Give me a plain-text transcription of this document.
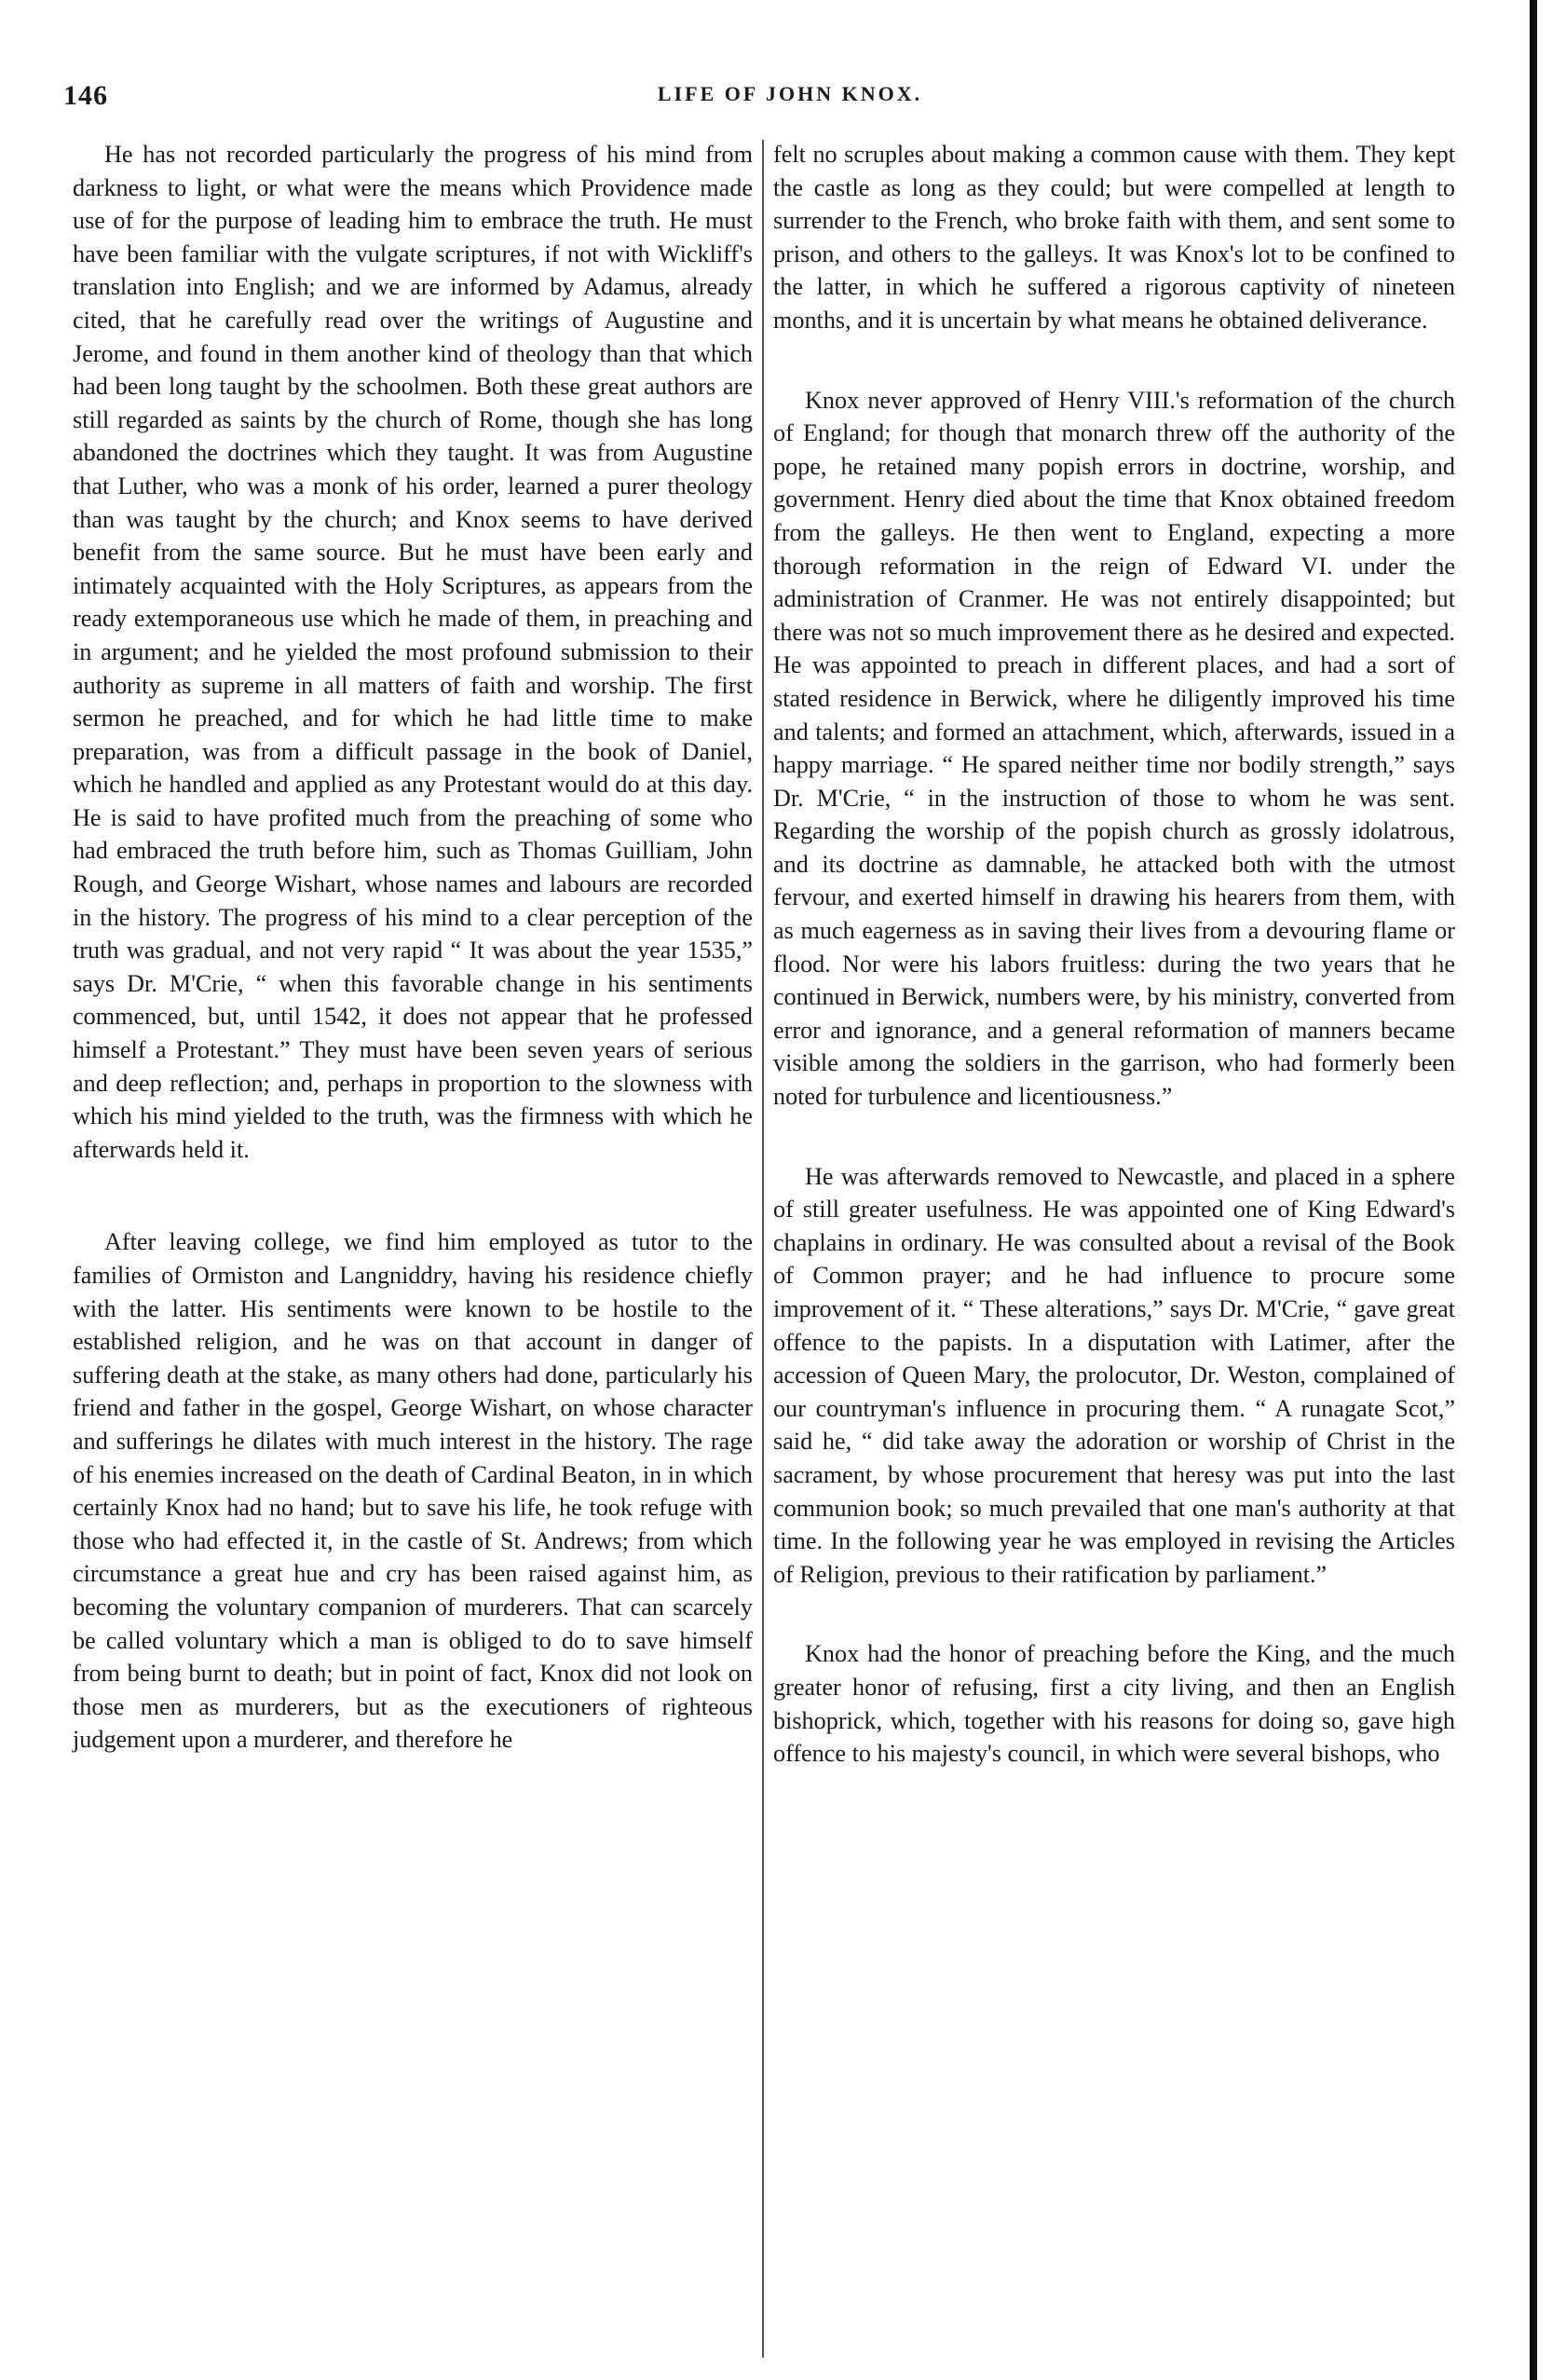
146	LIFE OF JOHN KNOX.

He has not recorded particularly the progress of his mind from darkness to light, or what were the means which Providence made use of for the purpose of leading him to embrace the truth. He must have been familiar with the vulgate scriptures, if not with Wickliff's translation into English; and we are informed by Adamus, already cited, that he carefully read over the writings of Augustine and Jerome, and found in them another kind of theology than that which had been long taught by the schoolmen. Both these great authors are still regarded as saints by the church of Rome, though she has long abandoned the doctrines which they taught. It was from Augustine that Luther, who was a monk of his order, learned a purer theology than was taught by the church; and Knox seems to have derived benefit from the same source. But he must have been early and intimately acquainted with the Holy Scriptures, as appears from the ready extemporaneous use which he made of them, in preaching and in argument; and he yielded the most profound submission to their authority as supreme in all matters of faith and worship. The first sermon he preached, and for which he had little time to make preparation, was from a difficult passage in the book of Daniel, which he handled and applied as any Protestant would do at this day. He is said to have profited much from the preaching of some who had embraced the truth before him, such as Thomas Guilliam, John Rough, and George Wishart, whose names and labours are recorded in the history. The progress of his mind to a clear perception of the truth was gradual, and not very rapid “ It was about the year 1535,” says Dr. M'Crie, “ when this favorable change in his sentiments commenced, but, until 1542, it does not appear that he professed himself a Protestant.” They must have been seven years of serious and deep reflection; and, perhaps in proportion to the slowness with which his mind yielded to the truth, was the firmness with which he afterwards held it.

After leaving college, we find him employed as tutor to the families of Ormiston and Langniddry, having his residence chiefly with the latter. His sentiments were known to be hostile to the established religion, and he was on that account in danger of suffering death at the stake, as many others had done, particularly his friend and father in the gospel, George Wishart, on whose character and sufferings he dilates with much interest in the history. The rage of his enemies increased on the death of Cardinal Beaton, in in which certainly Knox had no hand; but to save his life, he took refuge with those who had effected it, in the castle of St. Andrews; from which circumstance a great hue and cry has been raised against him, as becoming the voluntary companion of murderers. That can scarcely be called voluntary which a man is obliged to do to save himself from being burnt to death; but in point of fact, Knox did not look on those men as murderers, but as the executioners of righteous judgement upon a murderer, and therefore he

felt no scruples about making a common cause with them. They kept the castle as long as they could; but were compelled at length to surrender to the French, who broke faith with them, and sent some to prison, and others to the galleys. It was Knox's lot to be confined to the latter, in which he suffered a rigorous captivity of nineteen months, and it is uncertain by what means he obtained deliverance.

Knox never approved of Henry VIII.'s reformation of the church of England; for though that monarch threw off the authority of the pope, he retained many popish errors in doctrine, worship, and government. Henry died about the time that Knox obtained freedom from the galleys. He then went to England, expecting a more thorough reformation in the reign of Edward VI. under the administration of Cranmer. He was not entirely disappointed; but there was not so much improvement there as he desired and expected. He was appointed to preach in different places, and had a sort of stated residence in Berwick, where he diligently improved his time and talents; and formed an attachment, which, afterwards, issued in a happy marriage. “ He spared neither time nor bodily strength,” says Dr. M'Crie, “ in the instruction of those to whom he was sent. Regarding the worship of the popish church as grossly idolatrous, and its doctrine as damnable, he attacked both with the utmost fervour, and exerted himself in drawing his hearers from them, with as much eagerness as in saving their lives from a devouring flame or flood. Nor were his labors fruitless: during the two years that he continued in Berwick, numbers were, by his ministry, converted from error and ignorance, and a general reformation of manners became visible among the soldiers in the garrison, who had formerly been noted for turbulence and licentiousness.”

He was afterwards removed to Newcastle, and placed in a sphere of still greater usefulness. He was appointed one of King Edward's chaplains in ordinary. He was consulted about a revisal of the Book of Common prayer; and he had influence to procure some improvement of it. “ These alterations,” says Dr. M'Crie, “ gave great offence to the papists. In a disputation with Latimer, after the accession of Queen Mary, the prolocutor, Dr. Weston, complained of our countryman's influence in procuring them. “ A runagate Scot,” said he, “ did take away the adoration or worship of Christ in the sacrament, by whose procurement that heresy was put into the last communion book; so much prevailed that one man's authority at that time. In the following year he was employed in revising the Articles of Religion, previous to their ratification by parliament.”

Knox had the honor of preaching before the King, and the much greater honor of refusing, first a city living, and then an English bishoprick, which, together with his reasons for doing so, gave high offence to his majesty's council, in which were several bishops, who
